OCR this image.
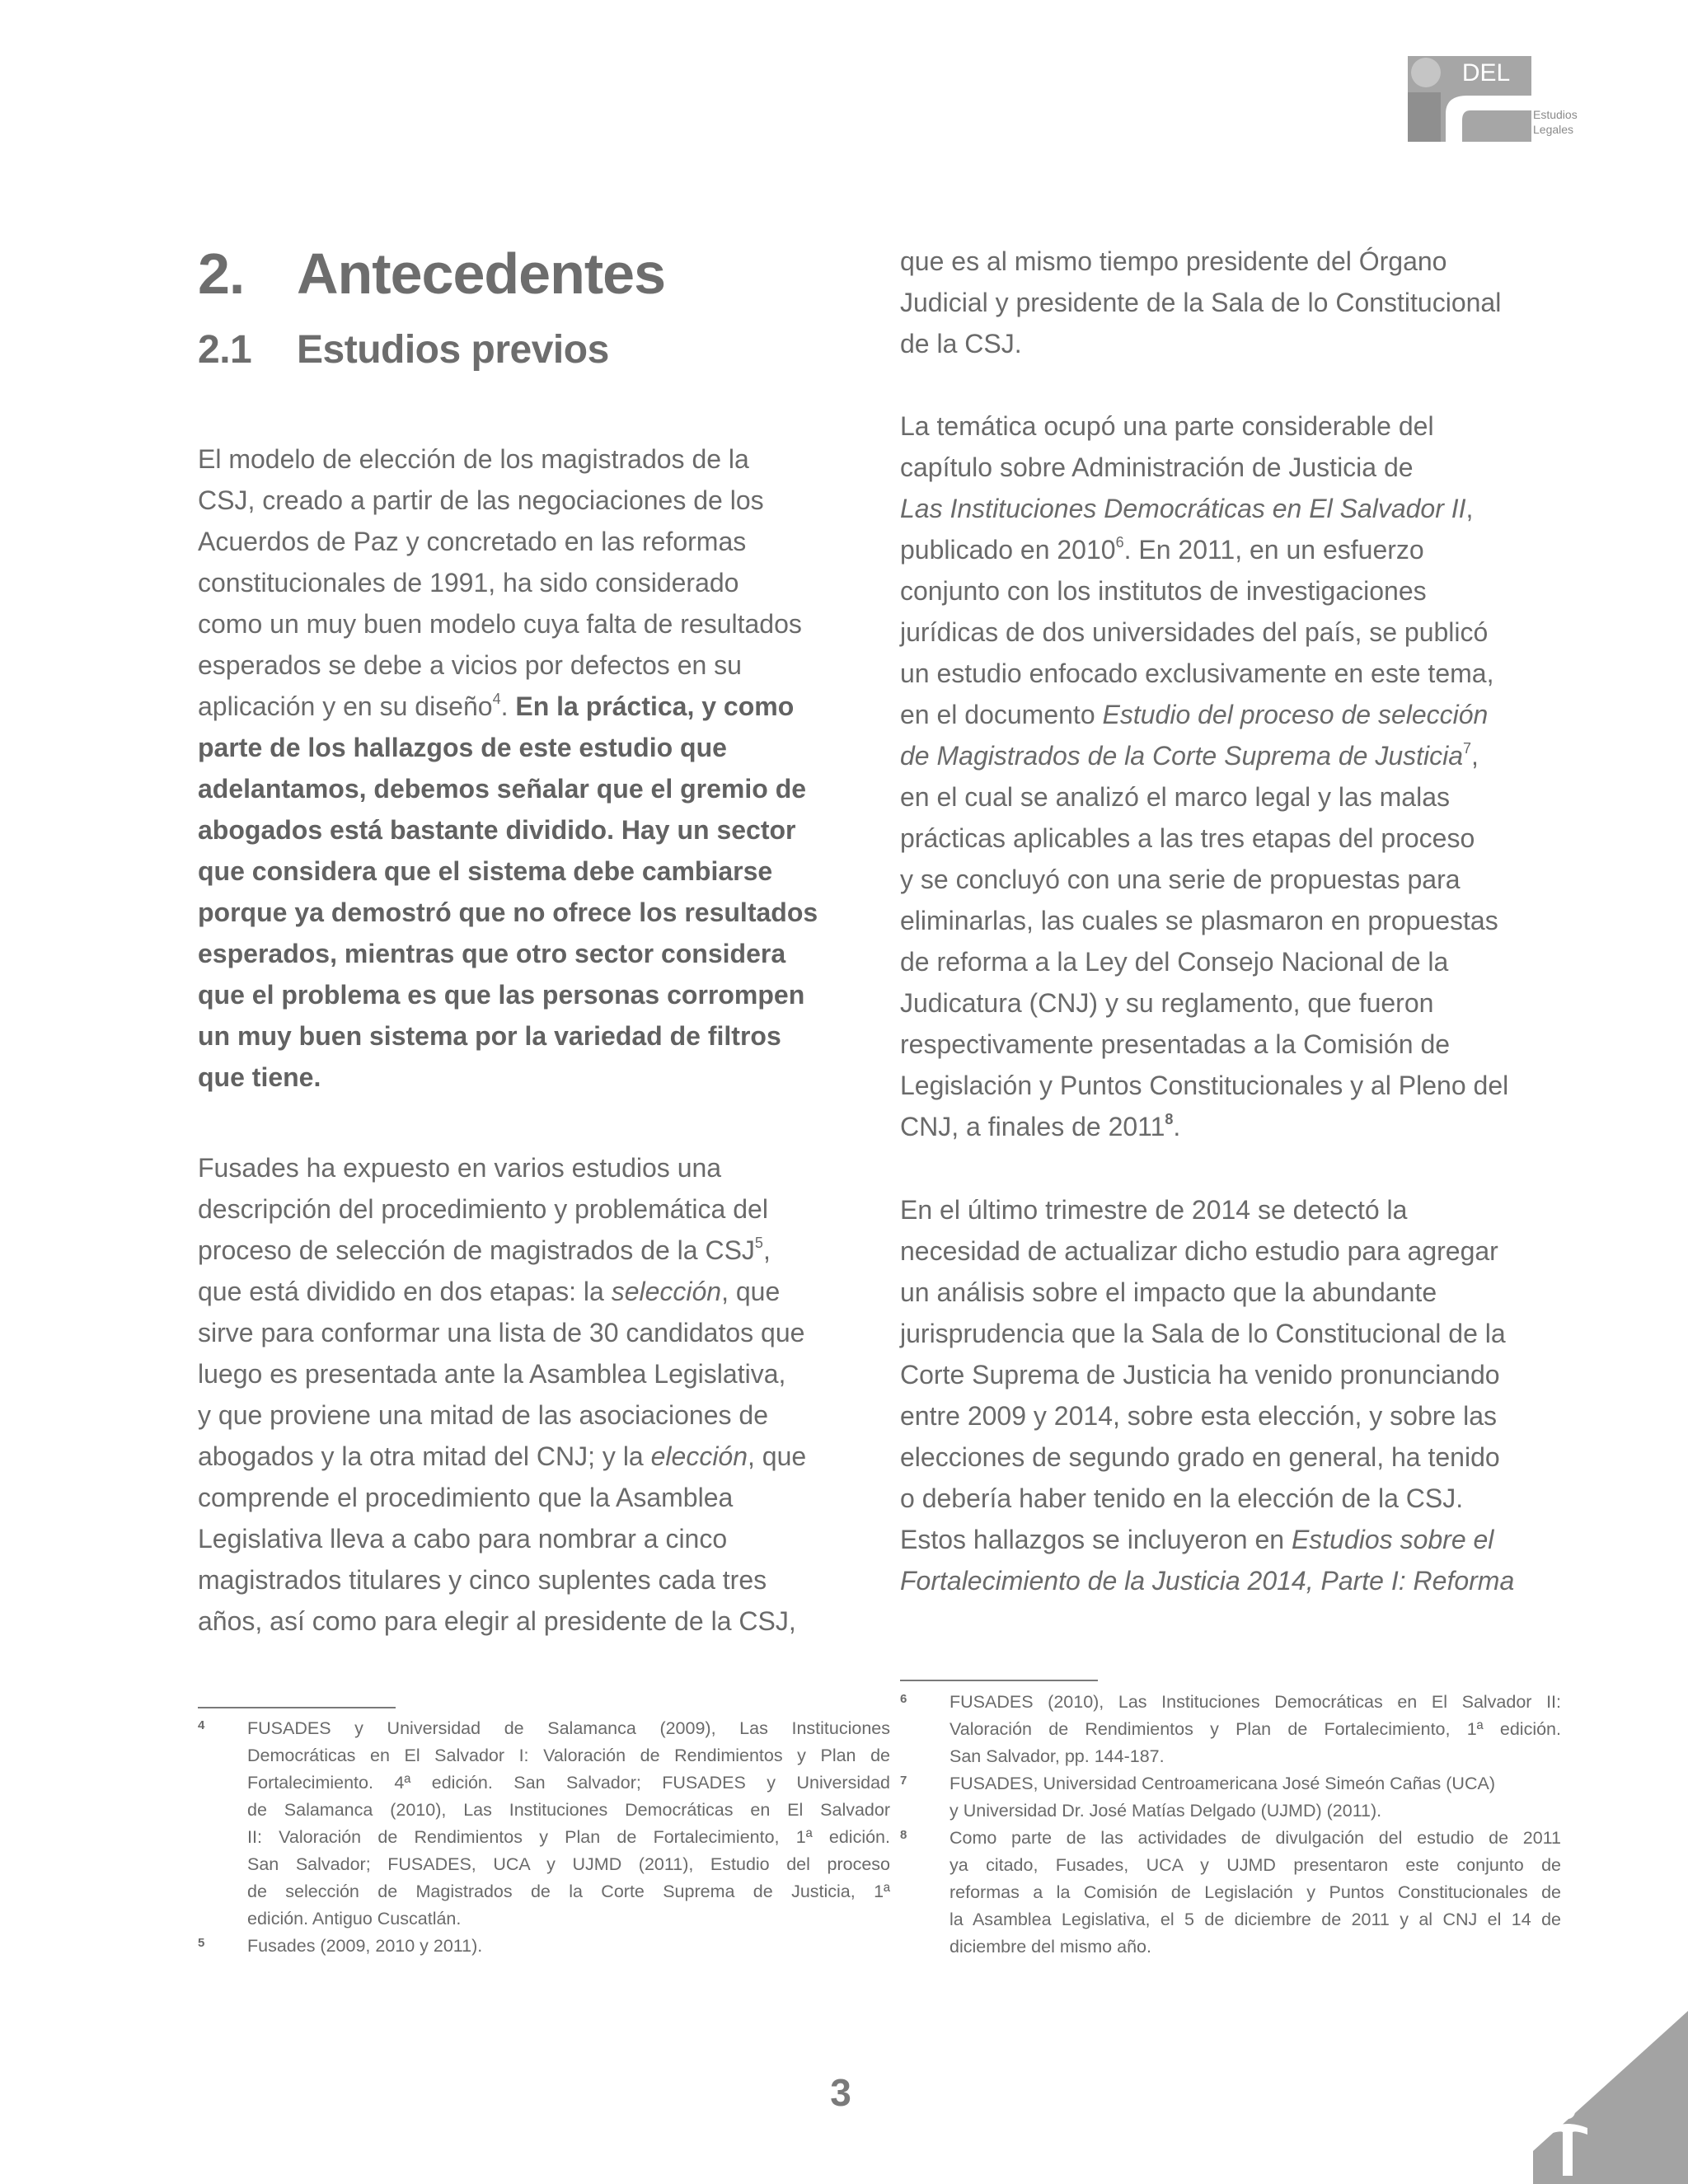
DEL
Estudios
Legales
2. Antecedentes
2.1 Estudios previos
El modelo de elección de los magistrados de la
CSJ, creado a partir de las negociaciones de los
Acuerdos de Paz y concretado en las reformas
constitucionales de 1991, ha sido considerado
como un muy buen modelo cuya falta de resultados
esperados se debe a vicios por defectos en su
aplicación y en su diseño$^4$. En la práctica, y como
parte de los hallazgos de este estudio que
adelantamos, debemos señalar que el gremio de
abogados está bastante dividido. Hay un sector
que considera que el sistema debe cambiarse
porque ya demostró que no ofrece los resultados
esperados, mientras que otro sector considera
que el problema es que las personas corrompen
un muy buen sistema por la variedad de filtros
que tiene.
Fusades ha expuesto en varios estudios una
descripción del procedimiento y problemática del
proceso de selección de magistrados de la CSJ$^5$,
que está dividido en dos etapas: la selección, que
sirve para conformar una lista de 30 candidatos que
luego es presentada ante la Asamblea Legislativa,
y que proviene una mitad de las asociaciones de
abogados y la otra mitad del CNJ; y la elección, que
comprende el procedimiento que la Asamblea
Legislativa lleva a cabo para nombrar a cinco
magistrados titulares y cinco suplentes cada tres
años, así como para elegir al presidente de la CSJ,
que es al mismo tiempo presidente del Órgano
Judicial y presidente de la Sala de lo Constitucional
de la CSJ.
La temática ocupó una parte considerable del
capítulo sobre Administración de Justicia de
Las Instituciones Democráticas en El Salvador II,
publicado en 2010$^6$. En 2011, en un esfuerzo
conjunto con los institutos de investigaciones
jurídicas de dos universidades del país, se publicó
un estudio enfocado exclusivamente en este tema,
en el documento Estudio del proceso de selección
de Magistrados de la Corte Suprema de Justicia$^7$,
en el cual se analizó el marco legal y las malas
prácticas aplicables a las tres etapas del proceso
y se concluyó con una serie de propuestas para
eliminarlas, las cuales se plasmaron en propuestas
de reforma a la Ley del Consejo Nacional de la
Judicatura (CNJ) y su reglamento, que fueron
respectivamente presentadas a la Comisión de
Legislación y Puntos Constitucionales y al Pleno del
CNJ, a finales de 2011$^8$.
En el último trimestre de 2014 se detectó la
necesidad de actualizar dicho estudio para agregar
un análisis sobre el impacto que la abundante
jurisprudencia que la Sala de lo Constitucional de la
Corte Suprema de Justicia ha venido pronunciando
entre 2009 y 2014, sobre esta elección, y sobre las
elecciones de segundo grado en general, ha tenido
o debería haber tenido en la elección de la CSJ.
Estos hallazgos se incluyeron en Estudios sobre el
Fortalecimiento de la Justicia 2014, Parte I: Reforma
4 FUSADES y Universidad de Salamanca (2009), Las Instituciones
Democráticas en El Salvador I: Valoración de Rendimientos y Plan de
Fortalecimiento. 4ª edición. San Salvador; FUSADES y Universidad
de Salamanca (2010), Las Instituciones Democráticas en El Salvador
II: Valoración de Rendimientos y Plan de Fortalecimiento, 1ª edición.
San Salvador; FUSADES, UCA y UJMD (2011), Estudio del proceso
de selección de Magistrados de la Corte Suprema de Justicia, 1ª
edición. Antiguo Cuscatlán.
5 Fusades (2009, 2010 y 2011).
6 FUSADES (2010), Las Instituciones Democráticas en El Salvador II:
Valoración de Rendimientos y Plan de Fortalecimiento, 1ª edición.
San Salvador, pp. 144-187.
7 FUSADES, Universidad Centroamericana José Simeón Cañas (UCA)
y Universidad Dr. José Matías Delgado (UJMD) (2011).
8 Como parte de las actividades de divulgación del estudio de 2011
ya citado, Fusades, UCA y UJMD presentaron este conjunto de
reformas a la Comisión de Legislación y Puntos Constitucionales de
la Asamblea Legislativa, el 5 de diciembre de 2011 y al CNJ el 14 de
diciembre del mismo año.
3
